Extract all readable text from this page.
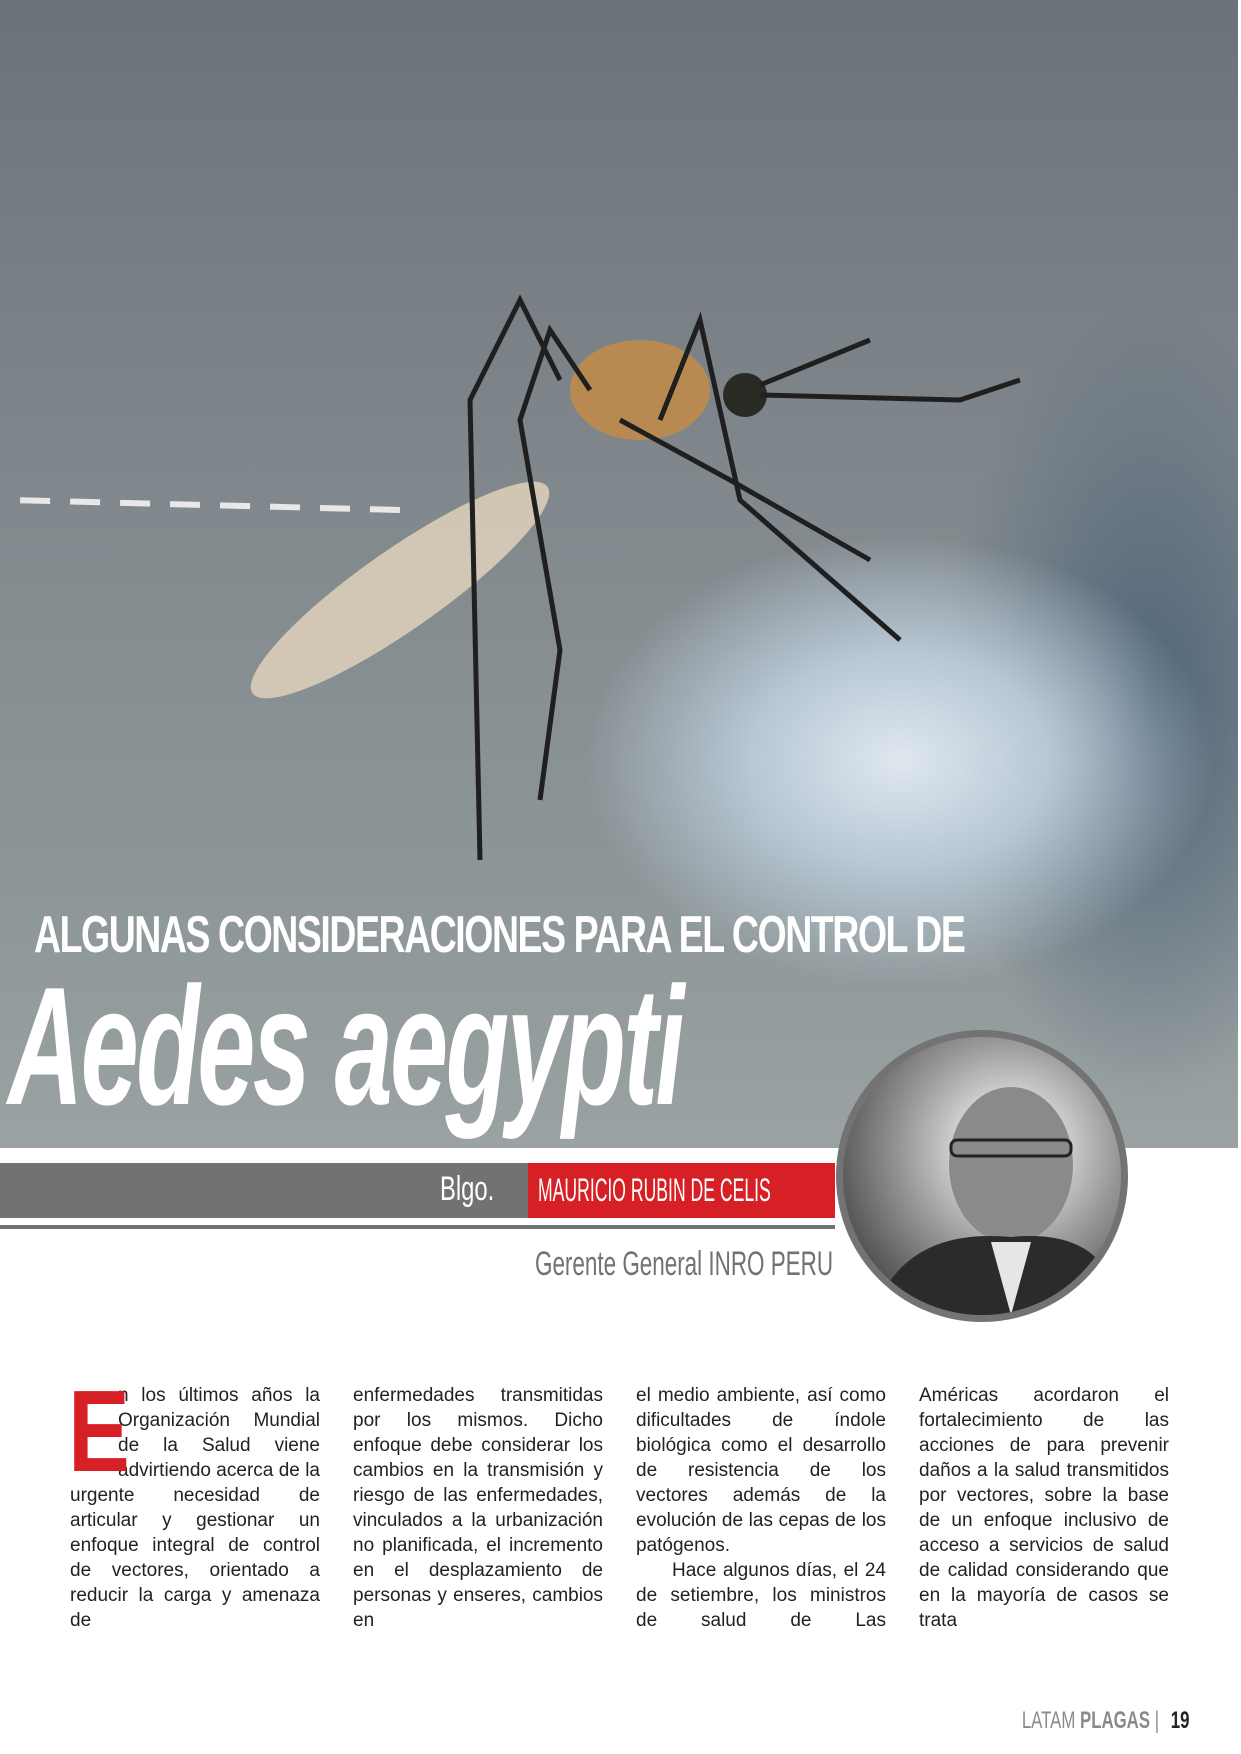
ALGUNAS CONSIDERACIONES PARA EL CONTROL DE
Aedes aegypti
Blgo. MAURICIO RUBIN DE CELIS
Gerente General INRO PERU
E
n los últimos años la Organización Mundial de la Salud viene advirtiendo acerca de la urgente necesidad de articular y gestionar un enfoque integral de control de vectores, orientado a reducir la carga y amenaza de
enfermedades transmitidas por los mismos. Dicho enfoque debe considerar los cambios en la transmisión y riesgo de las enfermedades, vinculados a la urbanización no planificada, el incremento en el desplazamiento de personas y enseres, cambios en

el medio ambiente, así como dificultades de índole biológica como el desarrollo de resistencia de los vectores además de la evolución de las cepas de los patógenos.

Hace algunos días, el 24 de setiembre, los ministros de salud de Las

Américas acordaron el fortalecimiento de las acciones de para prevenir daños a la salud transmitidos por vectores, sobre la base de un enfoque inclusivo de acceso a servicios de salud de calidad considerando que en la mayoría de casos se trata
LATAM PLAGAS | 19
